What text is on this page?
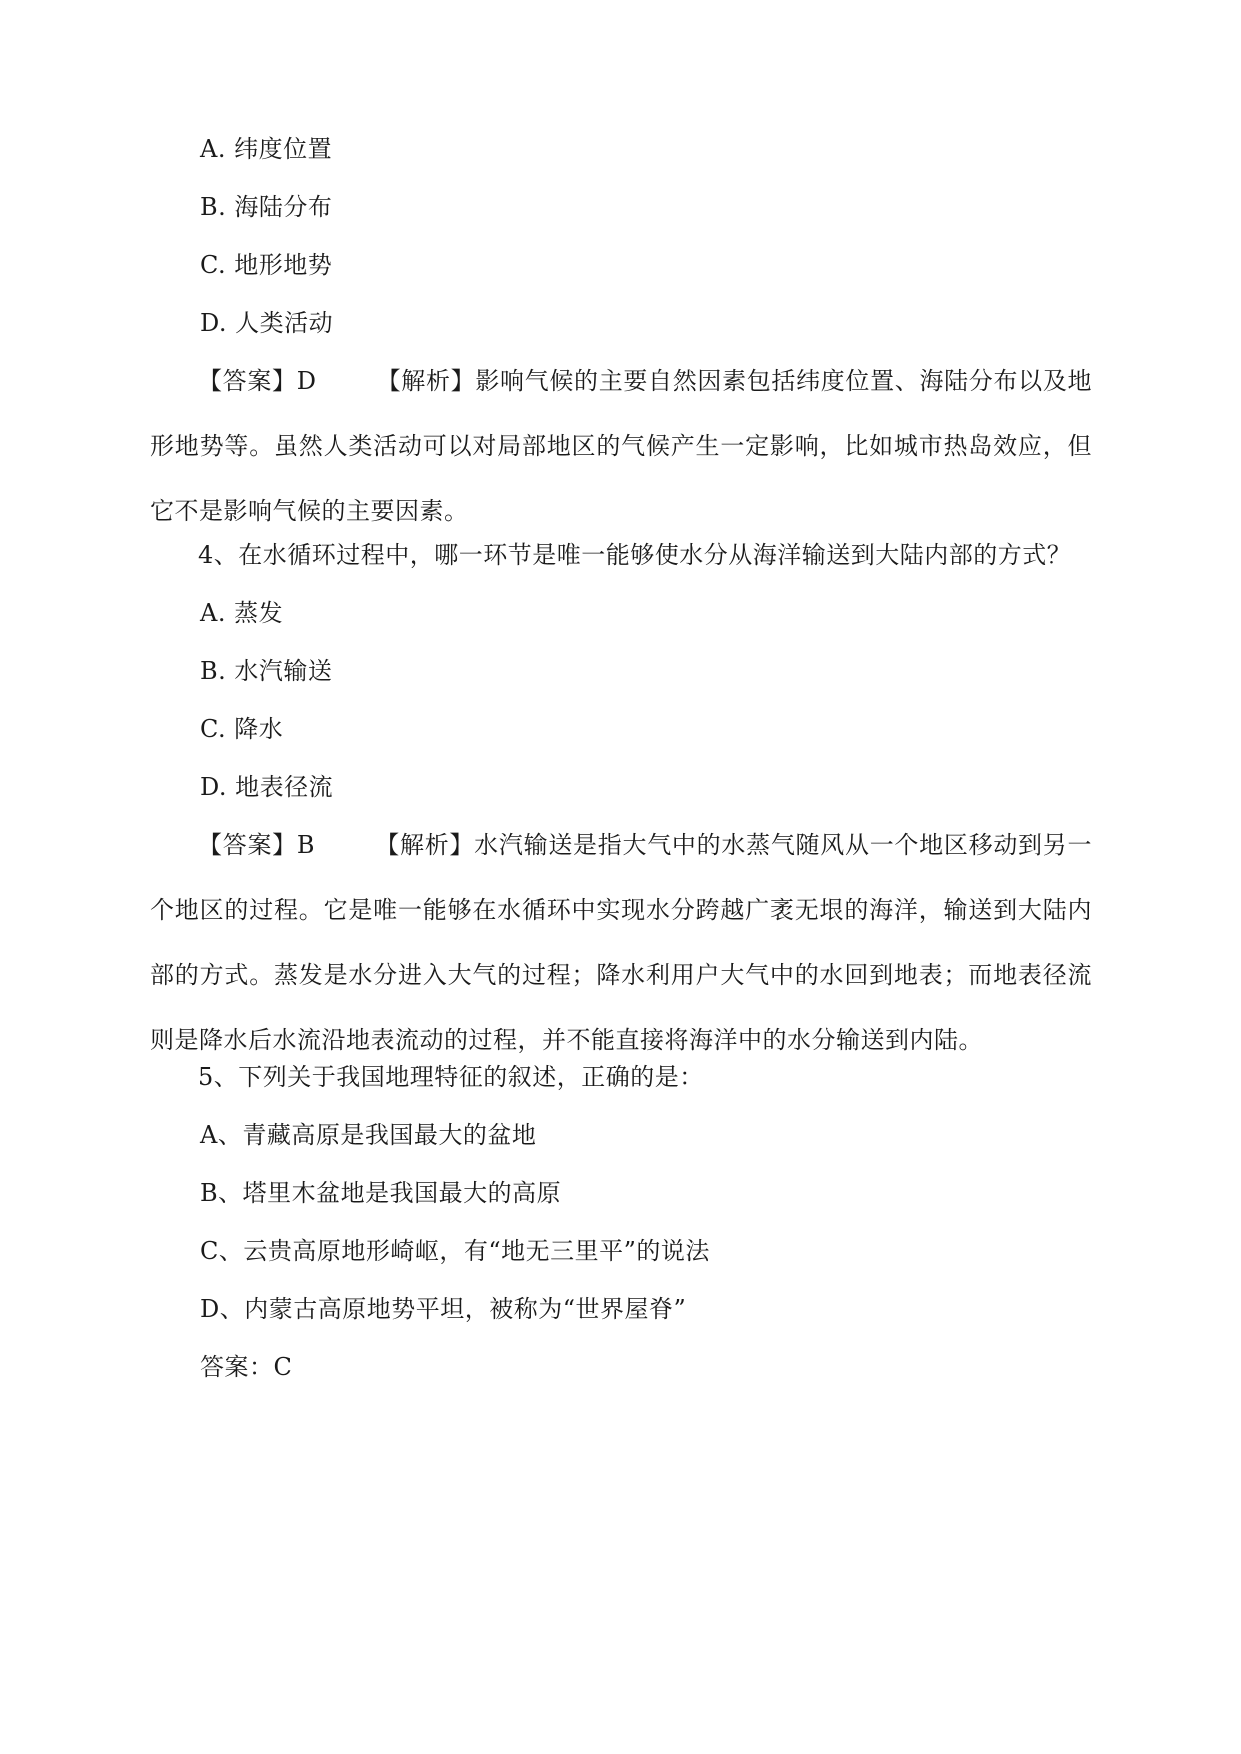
A. 纬度位置
B. 海陆分布
C. 地形地势
D. 人类活动
【答案】D	【解析】影响气候的主要自然因素包括纬度位置、海陆分布以及地形地势等。虽然人类活动可以对局部地区的气候产生一定影响，比如城市热岛效应，但它不是影响气候的主要因素。
4、在水循环过程中，哪一环节是唯一能够使水分从海洋输送到大陆内部的方式？
A. 蒸发
B. 水汽输送
C. 降水
D. 地表径流
【答案】B	【解析】水汽输送是指大气中的水蒸气随风从一个地区移动到另一个地区的过程。它是唯一能够在水循环中实现水分跨越广袤无垠的海洋，输送到大陆内部的方式。蒸发是水分进入大气的过程；降水利用户大气中的水回到地表；而地表径流则是降水后水流沿地表流动的过程，并不能直接将海洋中的水分输送到内陆。
5、下列关于我国地理特征的叙述，正确的是：
A、青藏高原是我国最大的盆地
B、塔里木盆地是我国最大的高原
C、云贵高原地形崎岖，有“地无三里平”的说法
D、内蒙古高原地势平坦，被称为“世界屋脊”
答案：C
